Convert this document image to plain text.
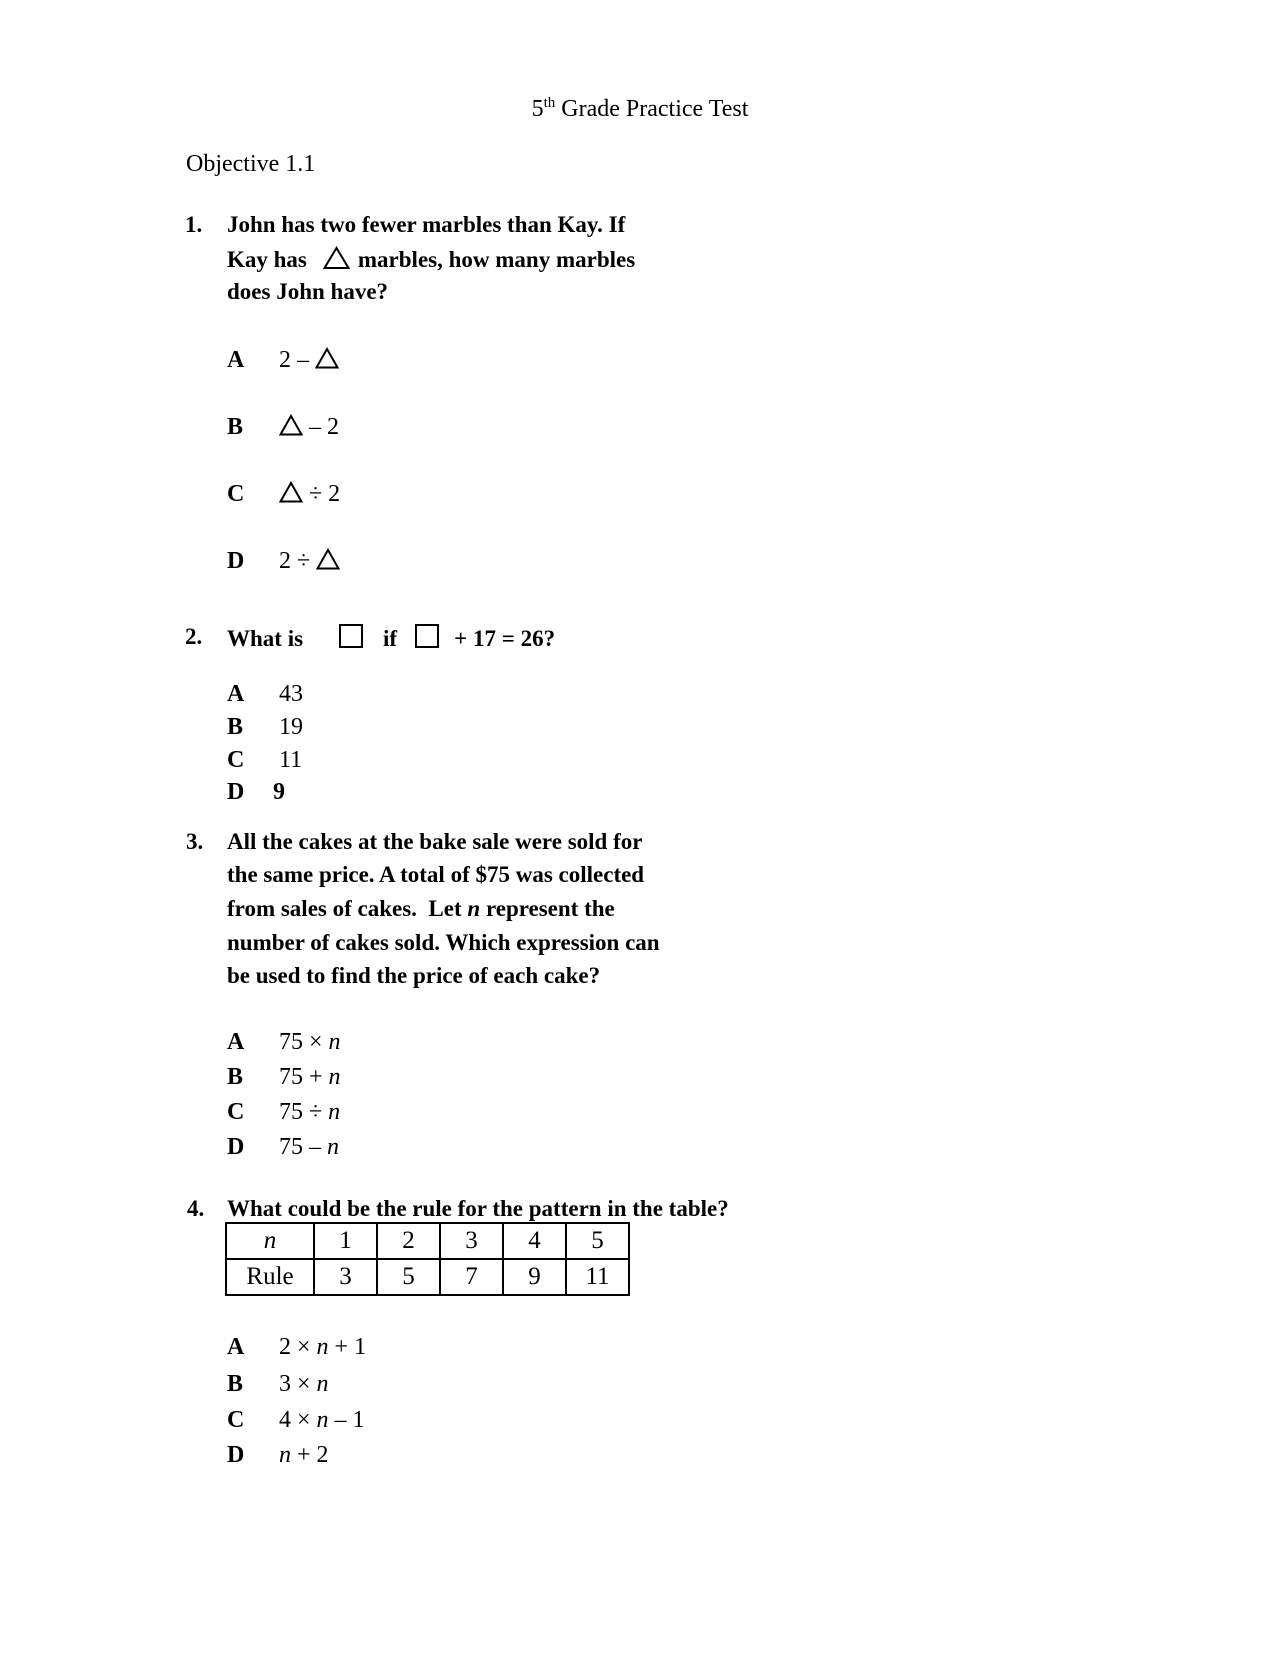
5th Grade Practice Test
Objective 1.1
1. John has two fewer marbles than Kay. If
Kay has marbles, how many marbles
does John have?
A 2 –
B	– 2
C	÷ 2
D 2 ÷
2. What is	if + 17 = 26?
A 43
B 19
C 11
D 9
3. All the cakes at the bake sale were sold for
the same price. A total of $75 was collected
from sales of cakes.  Let n represent the
number of cakes sold. Which expression can
be used to find the price of each cake?
A 75 × n
B 75 + n
C 75 ÷ n
D 75 – n
4. What could be the rule for the pattern in the table?
n	1	2	3	4	5
Rule	3	5	7	9	11
A 2 × n + 1
B 3 × n
C 4 × n – 1
D n + 2
